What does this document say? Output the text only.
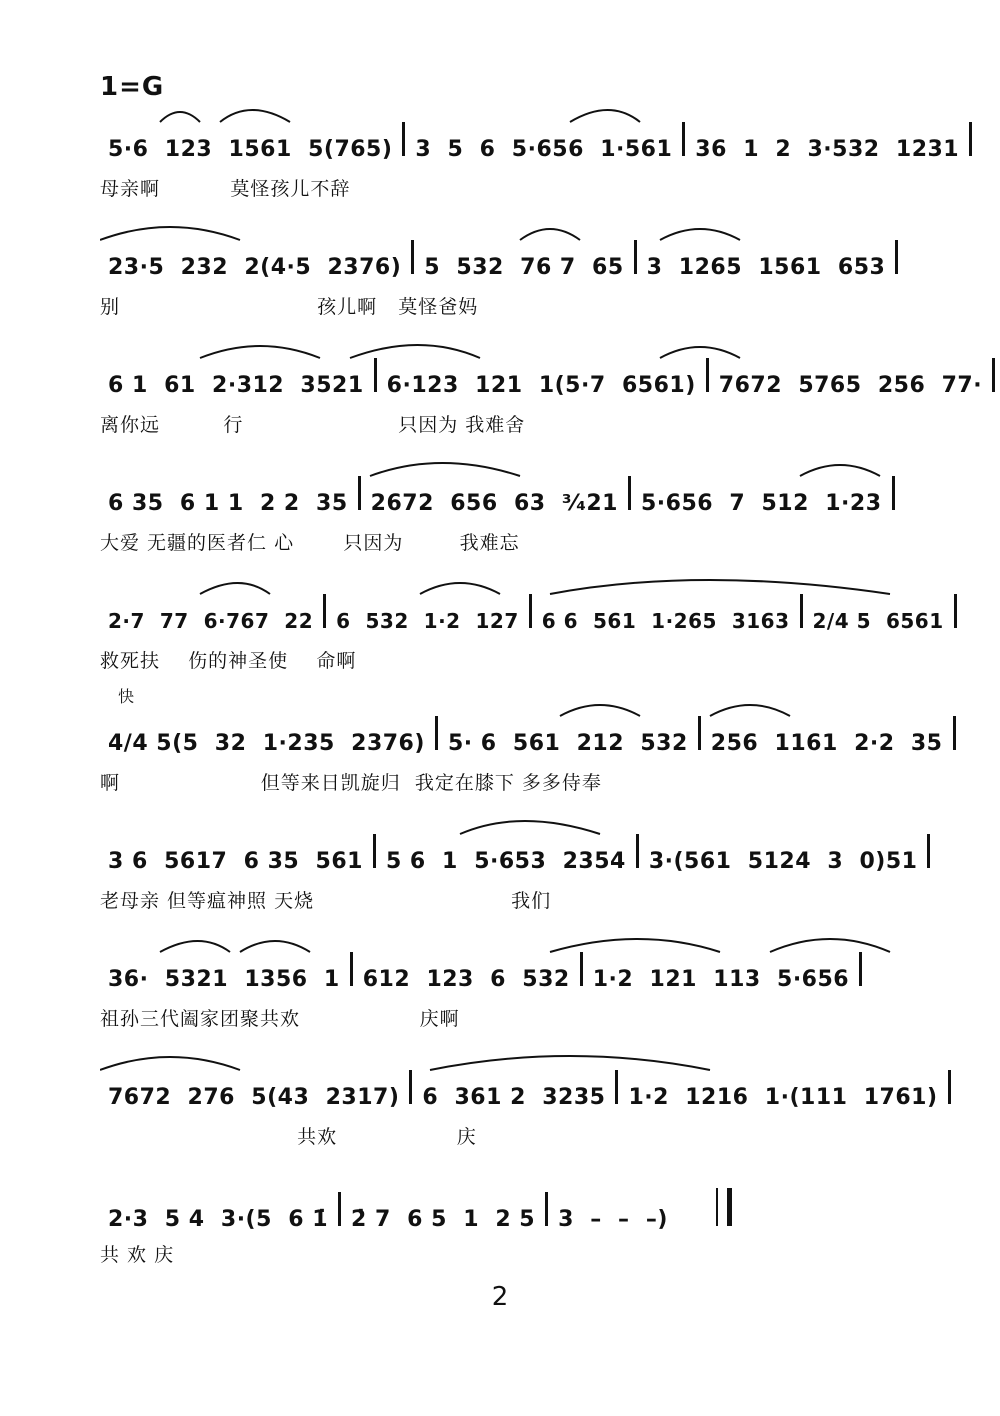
1=G
快
5·6  123  1561  5(765)	3  5  6  5·656  1·561	36  1  2  3·532  1231
母亲啊          莫怪孩儿不辞
23·5  232  2(4·5  2376)	5  532  76 7  65	3  1265  1561  653
别                            孩儿啊   莫怪爸妈
6 1  61  2·312  3521	6·123  121  1(5·7  6561)	7672  5765  256  77·
离你远         行                      只因为 我难舍
6 35  6 1 1  2 2  35	2672  656  63  ³⁄₄21	5·656  7  512  1·23
大爱 无疆的医者仁 心       只因为        我难忘
2·7  77  6·767  22	6  532  1·2  127	6 6  561  1·265  3163	2/4 5  6561
救死扶    伤的神圣使    命啊
4/4 5(5  32  1·235  2376)	5· 6  561  212  532	256  1161  2·2  35
啊                    但等来日凯旋归  我定在膝下 多多侍奉
3 6  5617  6 35  561	5 6  1  5·653  2354	3·(561  5124  3  0)51
老母亲 但等瘟神照 天烧                            我们
36·  5321  1356  1	612  123  6  532	1·2  121  113  5·656
祖孙三代阖家团聚共欢                 庆啊
7672  276  5(43  2317)	6  361 2  3235	1·2  1216  1·(111  1761)
共欢                 庆
2·3  5 4  3·(5  6 1̇	2̇ 7  6 5  1  2 5	3  –  –  –)
共 欢 庆
2
